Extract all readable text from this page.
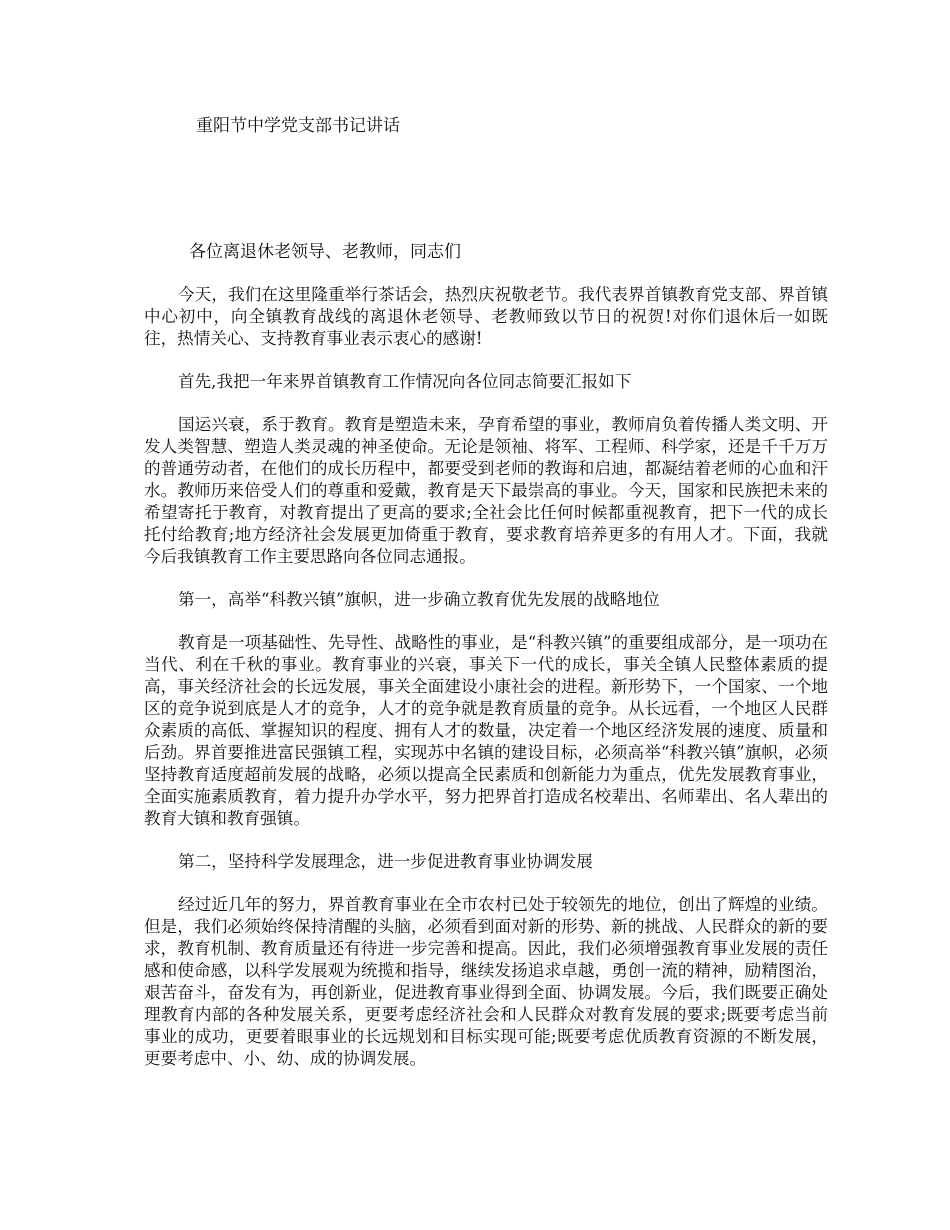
重阳节中学党支部书记讲话
各位离退休老领导、老教师，同志们

今天，我们在这里隆重举行茶话会，热烈庆祝敬老节。我代表界首镇教育党支部、界首镇中心初中，向全镇教育战线的离退休老领导、老教师致以节日的祝贺!对你们退休后一如既往，热情关心、支持教育事业表示衷心的感谢!

首先,我把一年来界首镇教育工作情况向各位同志简要汇报如下

国运兴衰，系于教育。教育是塑造未来，孕育希望的事业，教师肩负着传播人类文明、开发人类智慧、塑造人类灵魂的神圣使命。无论是领袖、将军、工程师、科学家，还是千千万万的普通劳动者，在他们的成长历程中，都要受到老师的教诲和启迪，都凝结着老师的心血和汗水。教师历来倍受人们的尊重和爱戴，教育是天下最崇高的事业。今天，国家和民族把未来的希望寄托于教育，对教育提出了更高的要求;全社会比任何时候都重视教育，把下一代的成长托付给教育;地方经济社会发展更加倚重于教育，要求教育培养更多的有用人才。下面，我就今后我镇教育工作主要思路向各位同志通报。

第一，高举“科教兴镇”旗帜，进一步确立教育优先发展的战略地位

教育是一项基础性、先导性、战略性的事业，是“科教兴镇”的重要组成部分，是一项功在当代、利在千秋的事业。教育事业的兴衰，事关下一代的成长，事关全镇人民整体素质的提高，事关经济社会的长远发展，事关全面建设小康社会的进程。新形势下，一个国家、一个地区的竞争说到底是人才的竞争，人才的竞争就是教育质量的竞争。从长远看，一个地区人民群众素质的高低、掌握知识的程度、拥有人才的数量，决定着一个地区经济发展的速度、质量和后劲。界首要推进富民强镇工程，实现苏中名镇的建设目标，必须高举“科教兴镇”旗帜，必须坚持教育适度超前发展的战略，必须以提高全民素质和创新能力为重点，优先发展教育事业，全面实施素质教育，着力提升办学水平，努力把界首打造成名校辈出、名师辈出、名人辈出的教育大镇和教育强镇。

第二，坚持科学发展理念，进一步促进教育事业协调发展

经过近几年的努力，界首教育事业在全市农村已处于较领先的地位，创出了辉煌的业绩。但是，我们必须始终保持清醒的头脑，必须看到面对新的形势、新的挑战、人民群众的新的要求，教育机制、教育质量还有待进一步完善和提高。因此，我们必须增强教育事业发展的责任感和使命感，以科学发展观为统揽和指导，继续发扬追求卓越，勇创一流的精神，励精图治，艰苦奋斗，奋发有为，再创新业，促进教育事业得到全面、协调发展。今后，我们既要正确处理教育内部的各种发展关系，更要考虑经济社会和人民群众对教育发展的要求;既要考虑当前事业的成功，更要着眼事业的长远规划和目标实现可能;既要考虑优质教育资源的不断发展，更要考虑中、小、幼、成的协调发展。
